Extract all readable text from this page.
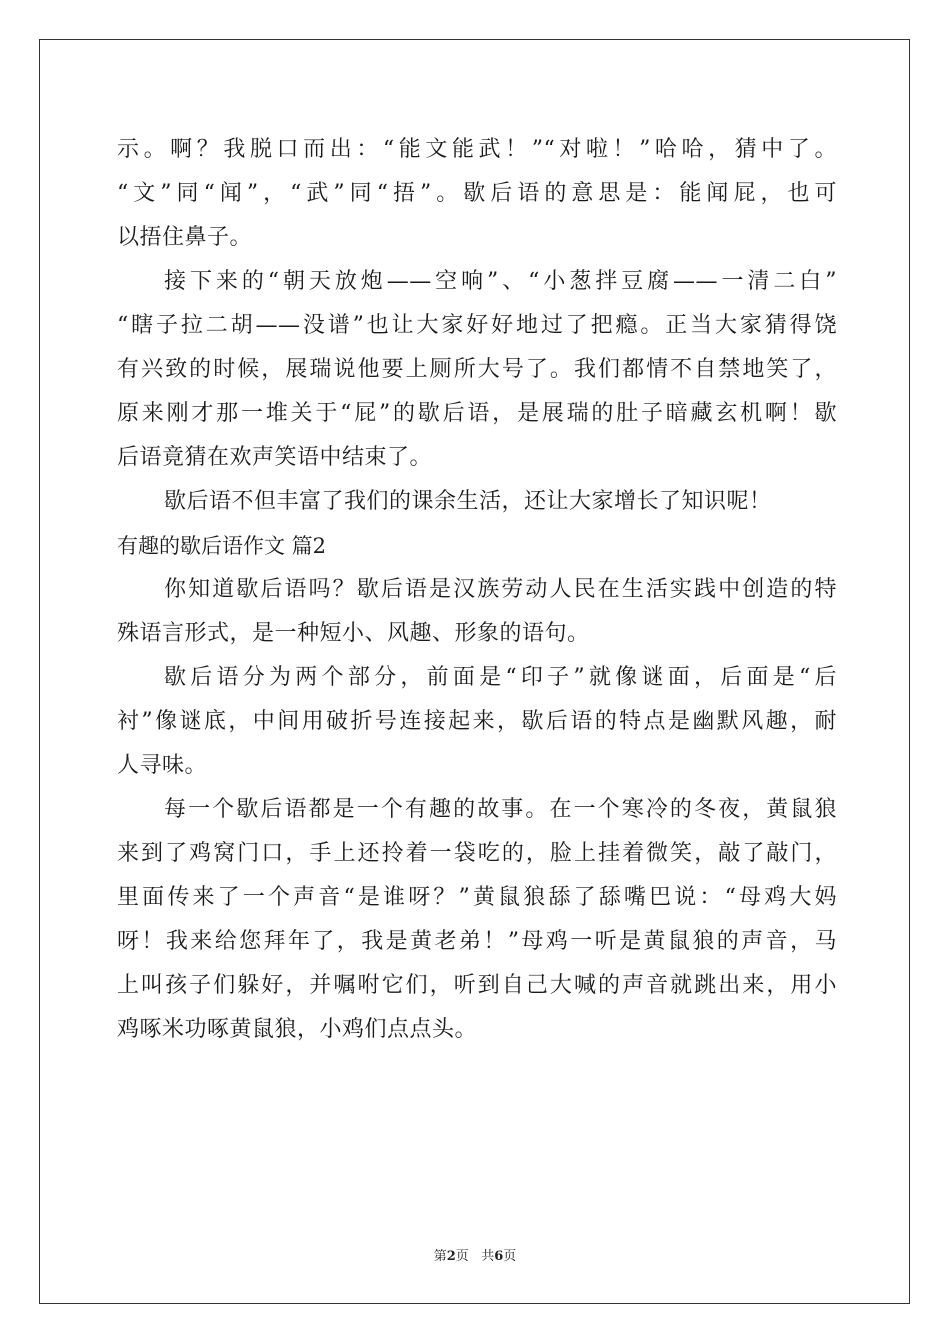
示。啊？我脱口而出：“能文能武！”“对啦！”哈哈，猜中了。
“文”同“闻”，“武”同“捂”。歇后语的意思是：能闻屁，也可
以捂住鼻子。
接下来的“朝天放炮——空响”、“小葱拌豆腐——一清二白”
“瞎子拉二胡——没谱”也让大家好好地过了把瘾。正当大家猜得饶
有兴致的时候，展瑞说他要上厕所大号了。我们都情不自禁地笑了，
原来刚才那一堆关于“屁”的歇后语，是展瑞的肚子暗藏玄机啊！歇
后语竟猜在欢声笑语中结束了。
歇后语不但丰富了我们的课余生活，还让大家增长了知识呢！
有趣的歇后语作文 篇2
你知道歇后语吗？歇后语是汉族劳动人民在生活实践中创造的特
殊语言形式，是一种短小、风趣、形象的语句。
歇后语分为两个部分，前面是“印子”就像谜面，后面是“后
衬”像谜底，中间用破折号连接起来，歇后语的特点是幽默风趣，耐
人寻味。
每一个歇后语都是一个有趣的故事。在一个寒冷的冬夜，黄鼠狼
来到了鸡窝门口，手上还拎着一袋吃的，脸上挂着微笑，敲了敲门，
里面传来了一个声音“是谁呀？”黄鼠狼舔了舔嘴巴说：“母鸡大妈
呀！我来给您拜年了，我是黄老弟！”母鸡一听是黄鼠狼的声音，马
上叫孩子们躲好，并嘱咐它们，听到自己大喊的声音就跳出来，用小
鸡啄米功啄黄鼠狼，小鸡们点点头。
第2页 共6页
